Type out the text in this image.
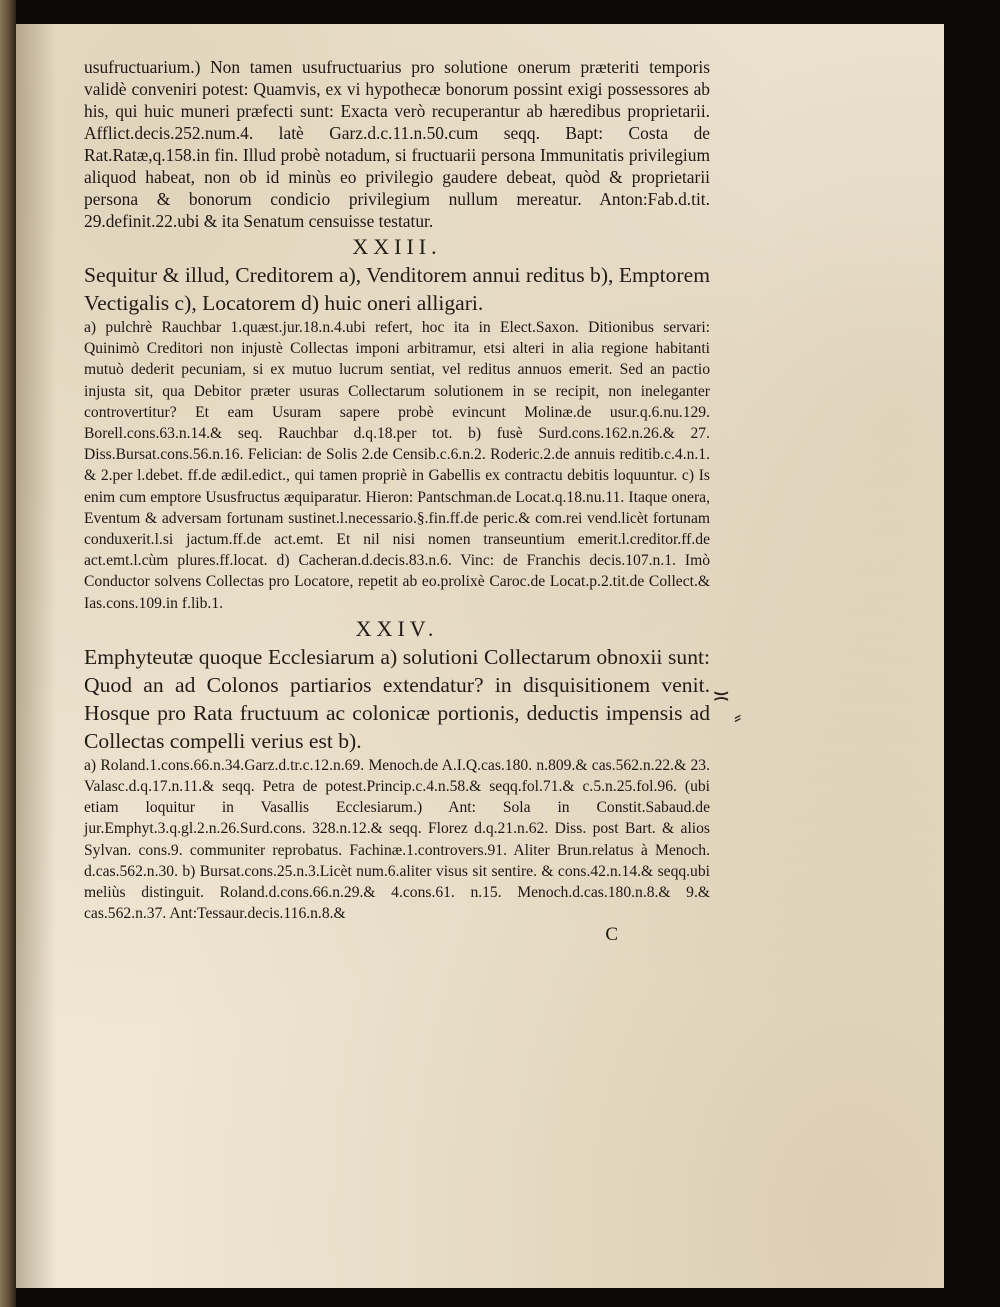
usufructuarium.) Non tamen usufructuarius pro solutione onerum præteriti temporis validè conveniri potest: Quamvis, ex vi hypothecæ bonorum possint exigi possessores ab his, qui huic muneri præfecti sunt: Exacta verò recuperantur ab hæredibus proprietarii. Afflict.decis.252.num.4. latè Garz.d.c.11.n.50.cum seqq. Bapt: Costa de Rat.Ratæ,q.158.in fin. Illud probè notadum, si fructuarii persona Immunitatis privilegium aliquod habeat, non ob id minùs eo privilegio gaudere debeat, quòd & proprietarii persona & bonorum condicio privilegium nullum mereatur. Anton:Fab.d.tit. 29.definit.22.ubi & ita Senatum censuisse testatur.

XXIII.

Sequitur & illud, Creditorem a), Venditorem annui reditus b), Emptorem Vectigalis c), Locatorem d) huic oneri alligari.

a) pulchrè Rauchbar 1.quæst.jur.18.n.4.ubi refert, hoc ita in Elect.Saxon. Ditionibus servari: Quinimò Creditori non injustè Collectas imponi arbitramur, etsi alteri in alia regione habitanti mutuò dederit pecuniam, si ex mutuo lucrum sentiat, vel reditus annuos emerit. Sed an pactio injusta sit, qua Debitor præter usuras Collectarum solutionem in se recipit, non ineleganter controvertitur? Et eam Usuram sapere probè evincunt Molinæ.de usur.q.6.nu.129. Borell.cons.63.n.14.& seq. Rauchbar d.q.18.per tot. b) fusè Surd.cons.162.n.26.& 27. Diss.Bursat.cons.56.n.16. Felician: de Solis 2.de Censib.c.6.n.2. Roderic.2.de annuis reditib.c.4.n.1. & 2.per l.debet. ff.de ædil.edict., qui tamen propriè in Gabellis ex contractu debitis loquuntur. c) Is enim cum emptore Ususfructus æquiparatur. Hieron: Pantschman.de Locat.q.18.nu.11. Itaque onera, Eventum & adversam fortunam sustinet.l.necessario.§.fin.ff.de peric.& com.rei vend.licèt fortunam conduxerit.l.si jactum.ff.de act.emt. Et nil nisi nomen transeuntium emerit.l.creditor.ff.de act.emt.l.cùm plures.ff.locat. d) Cacheran.d.decis.83.n.6. Vinc: de Franchis decis.107.n.1. Imò Conductor solvens Collectas pro Locatore, repetit ab eo.prolixè Caroc.de Locat.p.2.tit.de Collect.& Ias.cons.109.in f.lib.1.

XXIV.

Emphyteutæ quoque Ecclesiarum a) solutioni Collectarum obnoxii sunt: Quod an ad Colonos partiarios extendatur? in disquisitionem venit. Hosque pro Rata fructuum ac colonicæ portionis, deductis impensis ad Collectas compelli verius est b).

a) Roland.1.cons.66.n.34.Garz.d.tr.c.12.n.69. Menoch.de A.I.Q.cas.180. n.809.& cas.562.n.22.& 23. Valasc.d.q.17.n.11.& seqq. Petra de potest.Princip.c.4.n.58.& seqq.fol.71.& c.5.n.25.fol.96. (ubi etiam loquitur in Vasallis Ecclesiarum.) Ant: Sola in Constit.Sabaud.de jur.Emphyt.3.q.gl.2.n.26.Surd.cons. 328.n.12.& seqq. Florez d.q.21.n.62. Diss. post Bart. & alios Sylvan. cons.9. communiter reprobatus. Fachinæ.1.controvers.91. Aliter Brun.relatus à Menoch. d.cas.562.n.30. b) Bursat.cons.25.n.3.Licèt num.6.aliter visus sit sentire. & cons.42.n.14.& seqq.ubi meliùs distinguit. Roland.d.cons.66.n.29.& 4.cons.61. n.15. Menoch.d.cas.180.n.8.& 9.& cas.562.n.37. Ant:Tessaur.decis.116.n.8.&

C
≍
⸗
